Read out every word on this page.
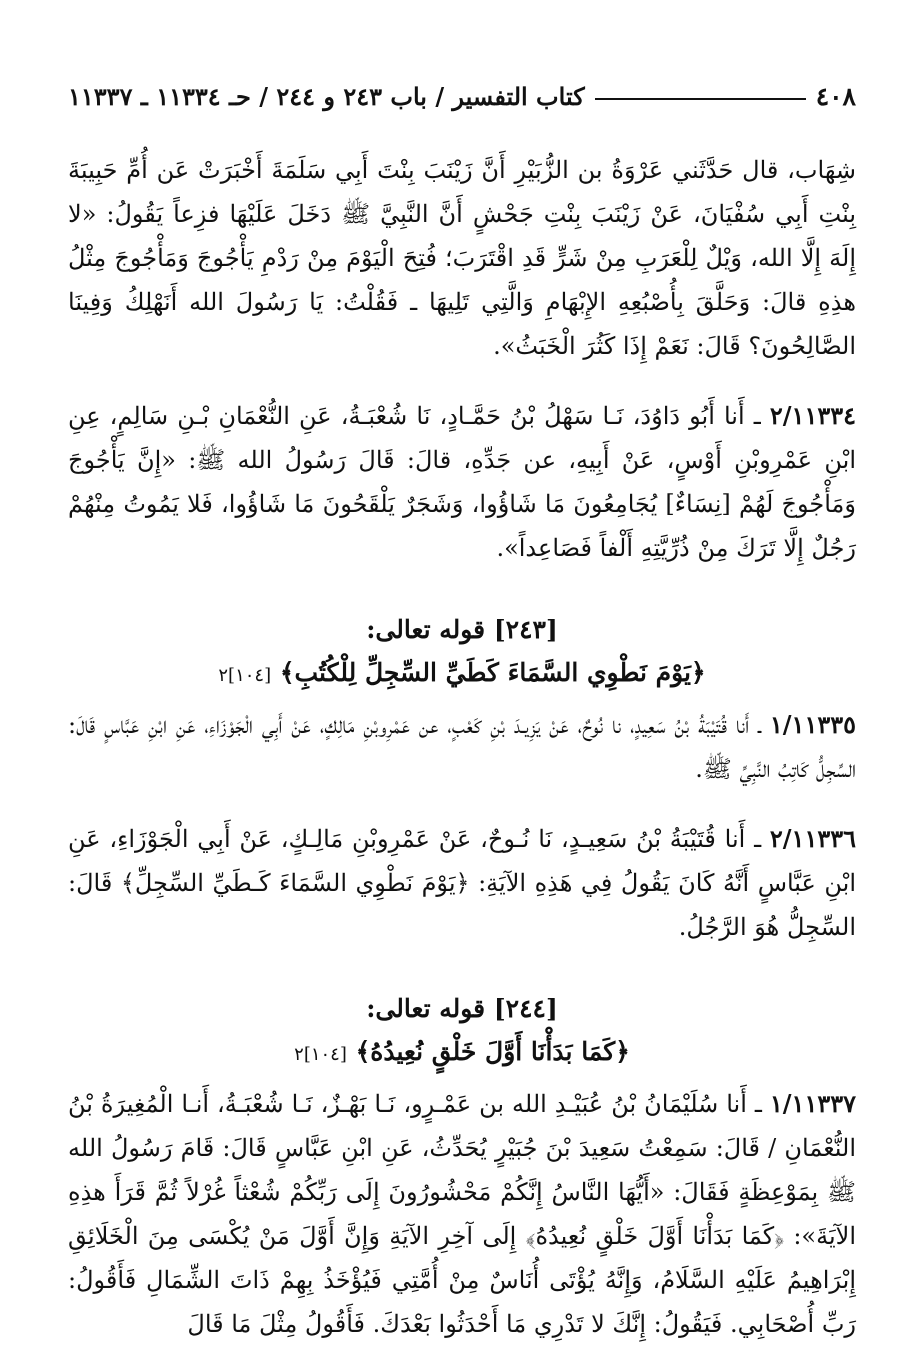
٤٠٨
كتاب التفسير / باب ٢٤٣ و ٢٤٤ / حـ ١١٣٣٤ ـ ١١٣٣٧

شِهَاب، قال حَدَّثَني عَرْوَةُ بن الزُّبَيْرِ أَنَّ زَيْنَبَ بِنْتَ أَبِي سَلَمَةَ أَخْبَرَتْ عَن أُمِّ حَبِيبَةَ بِنْتِ أَبِي سُفْيَانَ، عَنْ زَيْنَبَ بِنْتِ جَحْشٍ أَنَّ النَّبِيَّ ﷺ دَخَلَ عَلَيْهَا فزِعاً يَقُولُ: «لا إِلَهَ إِلَّا الله، وَيْلٌ لِلْعَرَبِ مِنْ شَرٍّ قَدِ اقْتَرَبَ؛ فُتِحَ الْيَوْمَ مِنْ رَدْمِ يَأْجُوجَ وَمَأْجُوجَ مِثْلُ هذِهِ قالَ: وَحَلَّقَ بِأُصْبُعِهِ الإِبْهَامِ وَالَّتِي تَلِيهَا ـ فَقُلْتُ: يَا رَسُولَ الله أَنَهْلِكُ وَفِينَا الصَّالِحُونَ؟ قَالَ: نَعَمْ إِذَا كَثُرَ الْخَبَثُ».

٢/١١٣٣٤ ـ أَنا أَبُو دَاوُدَ، نَـا سَهْلُ بْنُ حَمَّـادٍ، نَا شُعْبَـةُ، عَنِ النُّعْمَانِ بْـنِ سَالِمٍ، عِنِ ابْنِ عَمْرِوبْنِ أَوْسٍ، عَنْ أَبِيهِ، عن جَدِّهِ، قالَ: قَالَ رَسُولُ الله ﷺ: «إِنَّ يَأْجُوجَ وَمَأْجُوجَ لَهُمْ [نِسَاءٌ] يُجَامِعُونَ مَا شَاؤُوا، وَشَجَرٌ يَلْقَحُونَ مَا شَاؤُوا، فَلا يَمُوتُ مِنْهُمْ رَجُلٌ إِلَّا تَرَكَ مِنْ ذُرِّيَّتِهِ أَلْفاً فَصَاعِداً».

[٢٤٣] قوله تعالى:
﴿يَوْمَ نَطْوِي السَّمَاءَ كَطَيِّ السِّجِلِّ لِلْكُتُبِ﴾ [١٠٤]٢

١/١١٣٣٥ ـ أَنا قُتَيْبَةُ بْنُ سَعِيدٍ، نا نُوحٌ، عَنْ يَزِيـدَ بْنِ كَعْبٍ، عن عَمْرِوبْنِ مَالِكٍ، عَنْ أَبِي الْجَوْزَاءِ، عَنِ ابْنِ عَبَّاسٍ قَالَ: السِّجِلُّ كَاتِبُ النَّبِيِّ ﷺ.

٢/١١٣٣٦ ـ أَنا قُتَيْبَةُ بْنُ سَعِيـدٍ، نَا نُـوحٌ، عَنْ عَمْرِوبْنِ مَالِـكٍ، عَنْ أَبِي الْجَوْزَاءِ، عَنِ ابْنِ عَبَّاسٍ أَنَّهُ كَانَ يَقُولُ فِي هَذِهِ الآيَةِ: ﴿يَوْمَ نَطْوِي السَّمَاءَ كَـطَيِّ السِّجِلِّ﴾ قَالَ: السِّجِلُّ هُوَ الرَّجُلُ.

[٢٤٤] قوله تعالى:
﴿كَمَا بَدَأْنَا أَوَّلَ خَلْقٍ نُعِيدُهُ﴾ [١٠٤]٢

١/١١٣٣٧ ـ أَنا سُلَيْمَانُ بْنُ عُبَيْـدِ الله بن عَمْـرٍو، نَـا بَهْـزٌ، نَـا شُعْبَـةُ، أَنـا الْمُغِيرَةُ بْنُ النُّعْمَانِ / قَالَ: سَمِعْتُ سَعِيدَ بْنَ جُبَيْرٍ يُحَدِّثُ، عَنِ ابْنِ عَبَّاسٍ قَالَ: قَامَ رَسُولُ الله ﷺ بِمَوْعِظَةٍ فَقَالَ: «أَيُّهَا النَّاسُ إِنَّكُمْ مَحْشُورُونَ إِلَى رَبِّكُمْ شُعْثاً غُرْلاً ثُمَّ قَرَأَ هذِهِ الآيَةَ»: ﴿كَمَا بَدَأْنَا أَوَّلَ خَلْقٍ نُعِيدُهُ﴾ إِلَى آخِرِ الآيَةِ وَإِنَّ أَوَّلَ مَنْ يُكْسَى مِنَ الْخَلَائِقِ إِبْرَاهِيمُ عَلَيْهِ السَّلَامُ، وَإِنَّهُ يُؤْتَى أُنَاسٌ مِنْ أُمَّتِي فَيُؤْخَذُ بِهِمْ ذَاتَ الشِّمَالِ فَأَقُولُ: رَبِّ أُصْحَابِي. فَيَقُولُ: إِنَّكَ لا تَدْرِي مَا أَحْدَثُوا بَعْدَكَ. فَأَقُولُ مِثْلَ مَا قَالَ
